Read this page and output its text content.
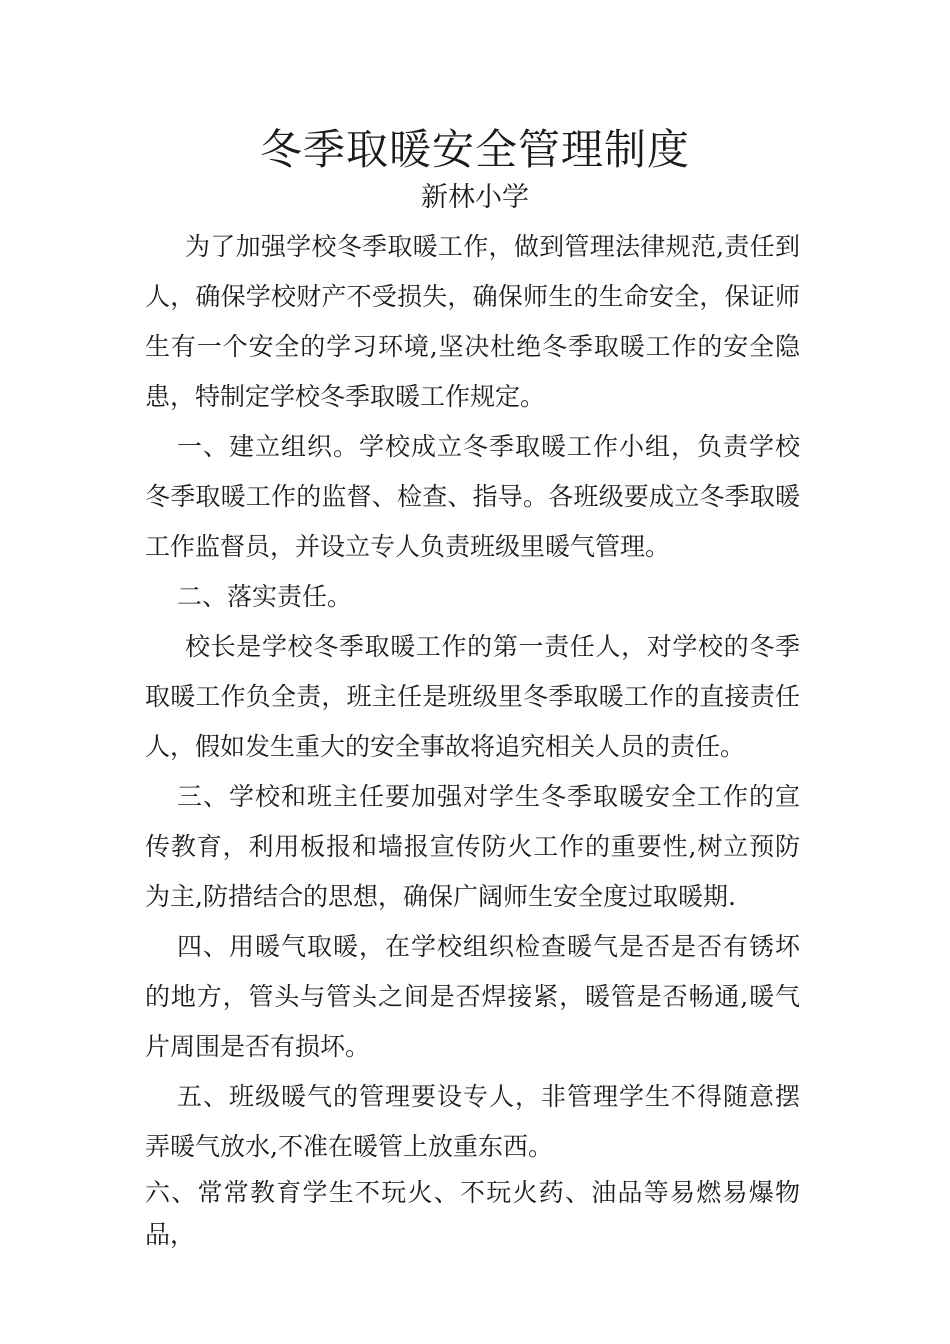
冬季取暖安全管理制度
新林小学

为了加强学校冬季取暖工作，做到管理法律规范,责任到人，确保学校财产不受损失，确保师生的生命安全，保证师生有一个安全的学习环境,坚决杜绝冬季取暖工作的安全隐患，特制定学校冬季取暖工作规定。

一、建立组织。学校成立冬季取暖工作小组，负责学校冬季取暖工作的监督、检查、指导。各班级要成立冬季取暖工作监督员，并设立专人负责班级里暖气管理。

二、落实责任。

校长是学校冬季取暖工作的第一责任人，对学校的冬季取暖工作负全责，班主任是班级里冬季取暖工作的直接责任人，假如发生重大的安全事故将追究相关人员的责任。

三、学校和班主任要加强对学生冬季取暖安全工作的宣传教育，利用板报和墙报宣传防火工作的重要性,树立预防为主,防措结合的思想，确保广阔师生安全度过取暖期.

四、用暖气取暖，在学校组织检查暖气是否是否有锈坏的地方，管头与管头之间是否焊接紧，暖管是否畅通,暖气片周围是否有损坏。

五、班级暖气的管理要设专人，非管理学生不得随意摆弄暖气放水,不准在暖管上放重东西。

六、常常教育学生不玩火、不玩火药、油品等易燃易爆物品，
